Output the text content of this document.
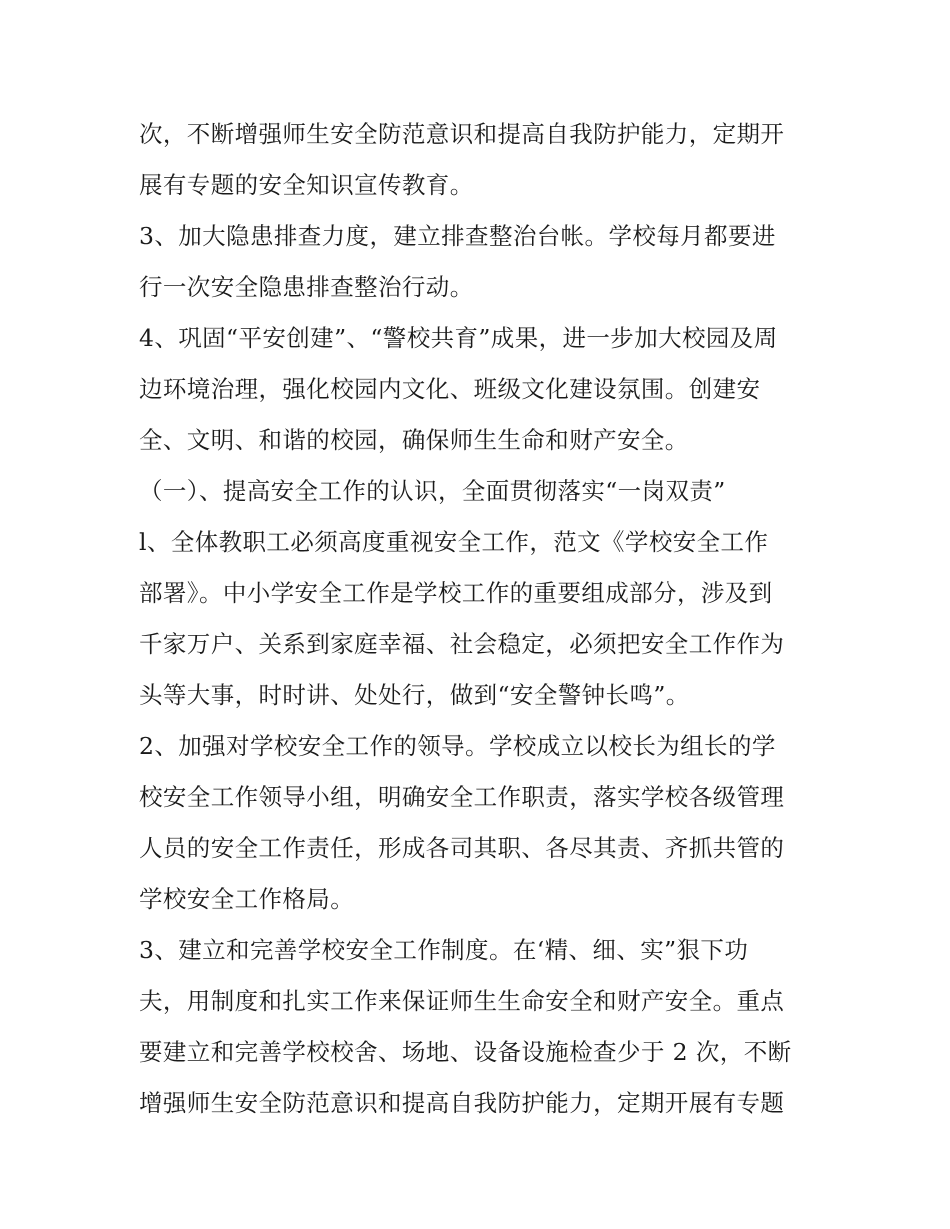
次，不断增强师生安全防范意识和提高自我防护能力，定期开
展有专题的安全知识宣传教育。
3、加大隐患排查力度，建立排查整治台帐。学校每月都要进
行一次安全隐患排查整治行动。
4、巩固“平安创建”、“警校共育”成果，进一步加大校园及周
边环境治理，强化校园内文化、班级文化建设氛围。创建安
全、文明、和谐的校园，确保师生生命和财产安全。
（一）、提高安全工作的认识，全面贯彻落实“一岗双责”
l、全体教职工必须高度重视安全工作，范文《学校安全工作
部署》。中小学安全工作是学校工作的重要组成部分，涉及到
千家万户、关系到家庭幸福、社会稳定，必须把安全工作作为
头等大事，时时讲、处处行，做到“安全警钟长鸣”。
2、加强对学校安全工作的领导。学校成立以校长为组长的学
校安全工作领导小组，明确安全工作职责，落实学校各级管理
人员的安全工作责任，形成各司其职、各尽其责、齐抓共管的
学校安全工作格局。
3、建立和完善学校安全工作制度。在‘精、细、实”狠下功
夫，用制度和扎实工作来保证师生生命安全和财产安全。重点
要建立和完善学校校舍、场地、设备设施检查少于 2 次，不断
增强师生安全防范意识和提高自我防护能力，定期开展有专题
